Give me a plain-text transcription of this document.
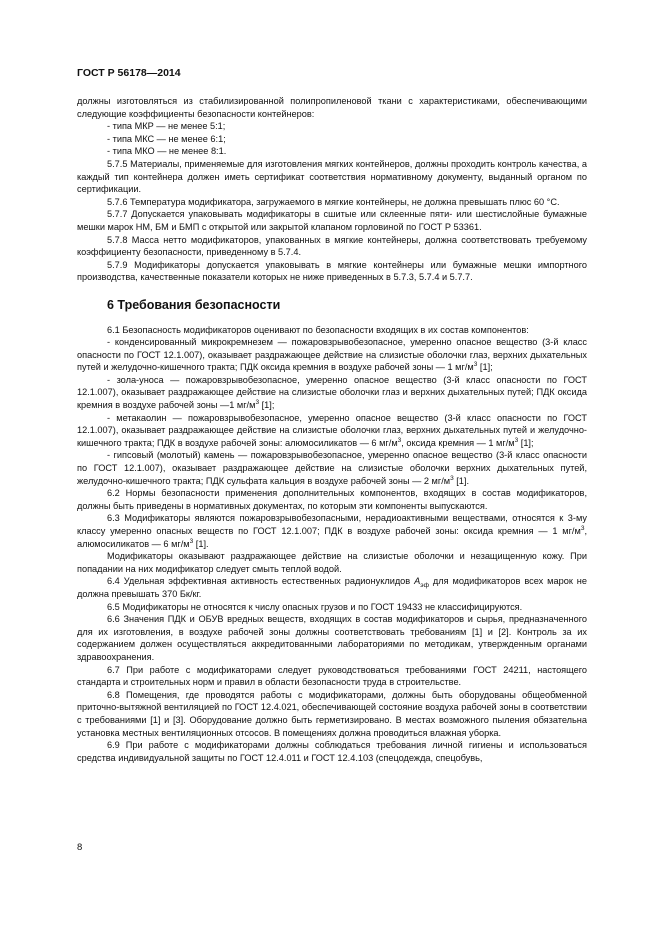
ГОСТ Р 56178—2014

должны изготовляться из стабилизированной полипропиленовой ткани с характеристиками, обеспечивающими следующие коэффициенты безопасности контейнеров:

- типа МКР — не менее 5:1;

- типа МКС — не менее 6:1;

- типа МКО — не менее 8:1.

5.7.5 Материалы, применяемые для изготовления мягких контейнеров, должны проходить контроль качества, а каждый тип контейнера должен иметь сертификат соответствия нормативному документу, выданный органом по сертификации.

5.7.6 Температура модификатора, загружаемого в мягкие контейнеры, не должна превышать плюс 60 °С.

5.7.7 Допускается упаковывать модификаторы в сшитые или склеенные пяти- или шестислойные бумажные мешки марок НМ, БМ и БМП с открытой или закрытой клапаном горловиной по ГОСТ Р 53361.

5.7.8 Масса нетто модификаторов, упакованных в мягкие контейнеры, должна соответствовать требуемому коэффициенту безопасности, приведенному в 5.7.4.

5.7.9 Модификаторы допускается упаковывать в мягкие контейнеры или бумажные мешки импортного производства, качественные показатели которых не ниже приведенных в 5.7.3, 5.7.4 и 5.7.7.

6 Требования безопасности

6.1 Безопасность модификаторов оценивают по безопасности входящих в их состав компонентов:

- конденсированный микрокремнезем — пожаровзрывобезопасное, умеренно опасное вещество (3-й класс опасности по ГОСТ 12.1.007), оказывает раздражающее действие на слизистые оболочки глаз, верхних дыхательных путей и желудочно-кишечного тракта; ПДК оксида кремния в воздухе рабочей зоны — 1 $мг/м^3$ [1];

- зола-уноса — пожаровзрывобезопасное, умеренно опасное вещество (3-й класс опасности по ГОСТ 12.1.007), оказывает раздражающее действие на слизистые оболочки глаз и верхних дыхательных путей; ПДК оксида кремния в воздухе рабочей зоны —1 $мг/м^3$ [1];

- метакаолин — пожаровзрывобезопасное, умеренно опасное вещество (3-й класс опасности по ГОСТ 12.1.007), оказывает раздражающее действие на слизистые оболочки глаз, верхних дыхательных путей и желудочно-кишечного тракта; ПДК в воздухе рабочей зоны: алюмосиликатов — 6 $мг/м^3$, оксида кремния — 1 $мг/м^3$ [1];

- гипсовый (молотый) камень — пожаровзрывобезопасное, умеренно опасное вещество (3-й класс опасности по ГОСТ 12.1.007), оказывает раздражающее действие на слизистые оболочки верхних дыхательных путей, желудочно-кишечного тракта; ПДК сульфата кальция в воздухе рабочей зоны — 2 $мг/м^3$ [1].

6.2 Нормы безопасности применения дополнительных компонентов, входящих в состав модификаторов, должны быть приведены в нормативных документах, по которым эти компоненты выпускаются.

6.3 Модификаторы являются пожаровзрывобезопасными, нерадиоактивными веществами, относятся к 3-му классу умеренно опасных веществ по ГОСТ 12.1.007; ПДК в воздухе рабочей зоны: оксида кремния — 1 $мг/м^3$, алюмосиликатов — 6 $мг/м^3$ [1].

Модификаторы оказывают раздражающее действие на слизистые оболочки и незащищенную кожу. При попадании на них модификатор следует смыть теплой водой.

6.4 Удельная эффективная активность естественных радионуклидов $А_{эф}$ для модификаторов всех марок не должна превышать 370 Бк/кг.

6.5 Модификаторы не относятся к числу опасных грузов и по ГОСТ 19433 не классифицируются.

6.6 Значения ПДК и ОБУВ вредных веществ, входящих в состав модификаторов и сырья, предназначенного для их изготовления, в воздухе рабочей зоны должны соответствовать требованиям [1] и [2]. Контроль за их содержанием должен осуществляться аккредитованными лабораториями по методикам, утвержденным органами здравоохранения.

6.7 При работе с модификаторами следует руководствоваться требованиями ГОСТ 24211, настоящего стандарта и строительных норм и правил в области безопасности труда в строительстве.

6.8 Помещения, где проводятся работы с модификаторами, должны быть оборудованы общеобменной приточно-вытяжной вентиляцией по ГОСТ 12.4.021, обеспечивающей состояние воздуха рабочей зоны в соответствии с требованиями [1] и [3]. Оборудование должно быть герметизировано. В местах возможного пыления обязательна установка местных вентиляционных отсосов. В помещениях должна проводиться влажная уборка.

6.9 При работе с модификаторами должны соблюдаться требования личной гигиены и использоваться средства индивидуальной защиты по ГОСТ 12.4.011 и ГОСТ 12.4.103 (спецодежда, спецобувь,

8
